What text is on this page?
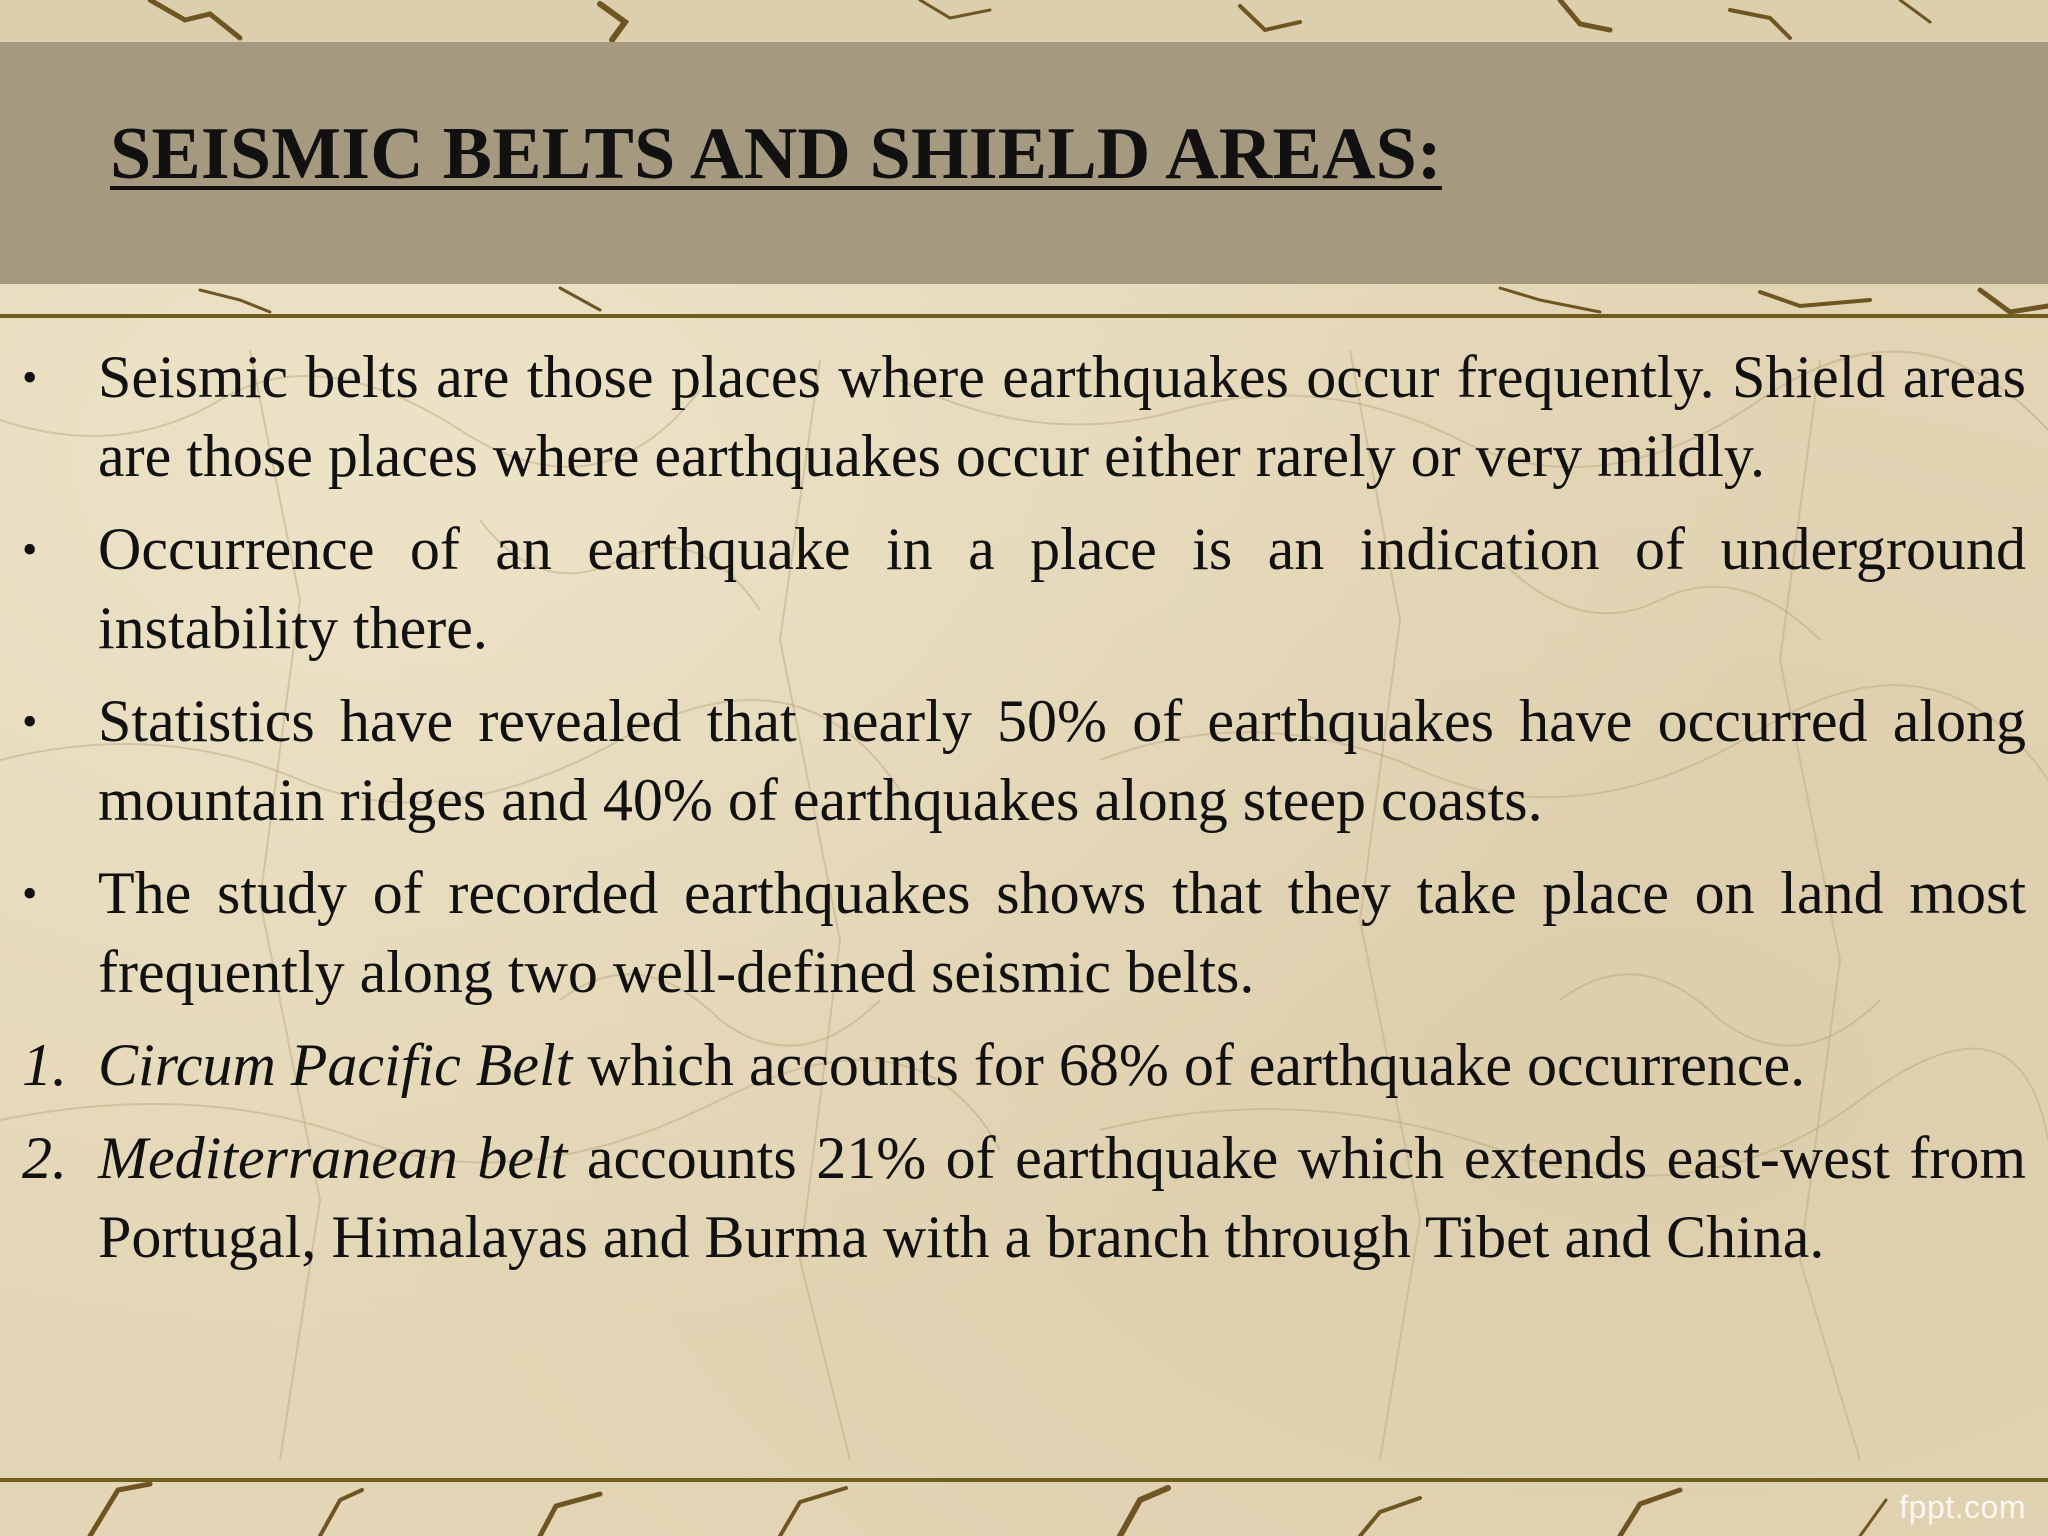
SEISMIC BELTS AND SHIELD AREAS:
• Seismic belts are those places where earthquakes occur frequently. Shield areas are those places where earthquakes occur either rarely or very mildly.
• Occurrence of an earthquake in a place is an indication of underground instability there.
• Statistics have revealed that nearly 50% of earthquakes have occurred along mountain ridges and 40% of earthquakes along steep coasts.
• The study of recorded earthquakes shows that they take place on land most frequently along two well-defined seismic belts.
1. Circum Pacific Belt which accounts for 68% of earthquake occurrence.
2. Mediterranean belt accounts 21% of earthquake which extends east-west from Portugal, Himalayas and Burma with a branch through Tibet and China.
fppt.com
